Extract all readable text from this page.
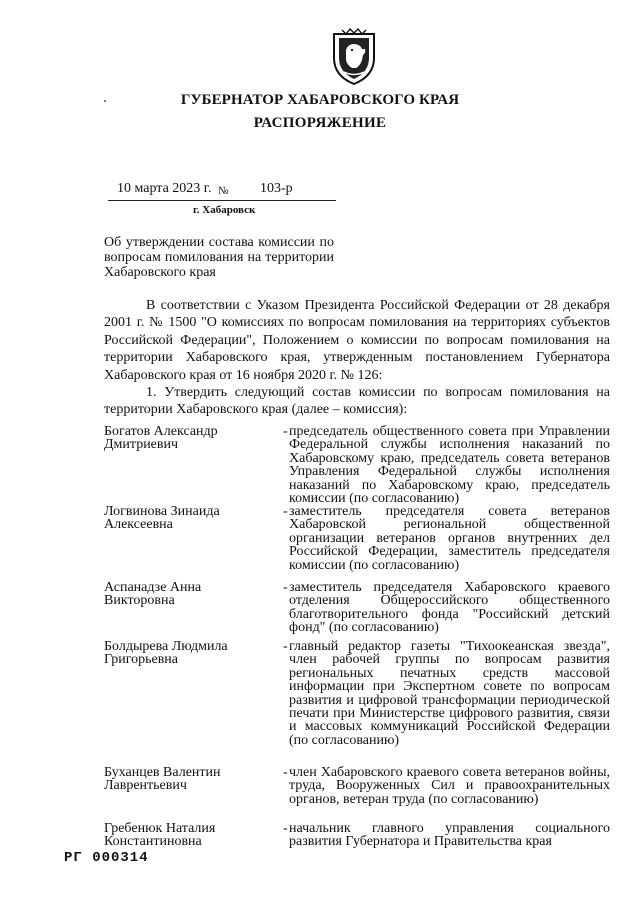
ГУБЕРНАТОР ХАБАРОВСКОГО КРАЯ
РАСПОРЯЖЕНИЕ
10 марта 2023 г. № 103-р
г. Хабаровск
Об утверждении состава комиссии по вопросам помилования на территории Хабаровского края

В соответствии с Указом Президента Российской Федерации от 28 декабря 2001 г. № 1500 "О комиссиях по вопросам помилования на территориях субъектов Российской Федерации", Положением о комиссии по вопросам помилования на территории Хабаровского края, утвержденным постановлением Губернатора Хабаровского края от 16 ноября 2020 г. № 126:

1. Утвердить следующий состав комиссии по вопросам помилования на территории Хабаровского края (далее – комиссия):

Богатов Александр Дмитриевич
- председатель общественного совета при Управлении Федеральной службы исполнения наказаний по Хабаровскому краю, председатель совета ветеранов Управления Федеральной службы исполнения наказаний по Хабаровскому краю, председатель комиссии (по согласованию)
Логвинова Зинаида Алексеевна
- заместитель председателя совета ветеранов Хабаровской региональной общественной организации ветеранов органов внутренних дел Российской Федерации, заместитель председателя комиссии (по согласованию)
Аспанадзе Анна Викторовна
- заместитель председателя Хабаровского краевого отделения Общероссийского общественного благотворительного фонда "Российский детский фонд" (по согласованию)
Болдырева Людмила Григорьевна
- главный редактор газеты "Тихоокеанская звезда", член рабочей группы по вопросам развития региональных печатных средств массовой информации при Экспертном совете по вопросам развития и цифровой трансформации периодической печати при Министерстве цифрового развития, связи и массовых коммуникаций Российской Федерации (по согласованию)
Буханцев Валентин Лаврентьевич
- член Хабаровского краевого совета ветеранов войны, труда, Вооруженных Сил и правоохранительных органов, ветеран труда (по согласованию)
Гребенюк Наталия Константиновна
- начальник главного управления социального развития Губернатора и Правительства края
РГ 000314
